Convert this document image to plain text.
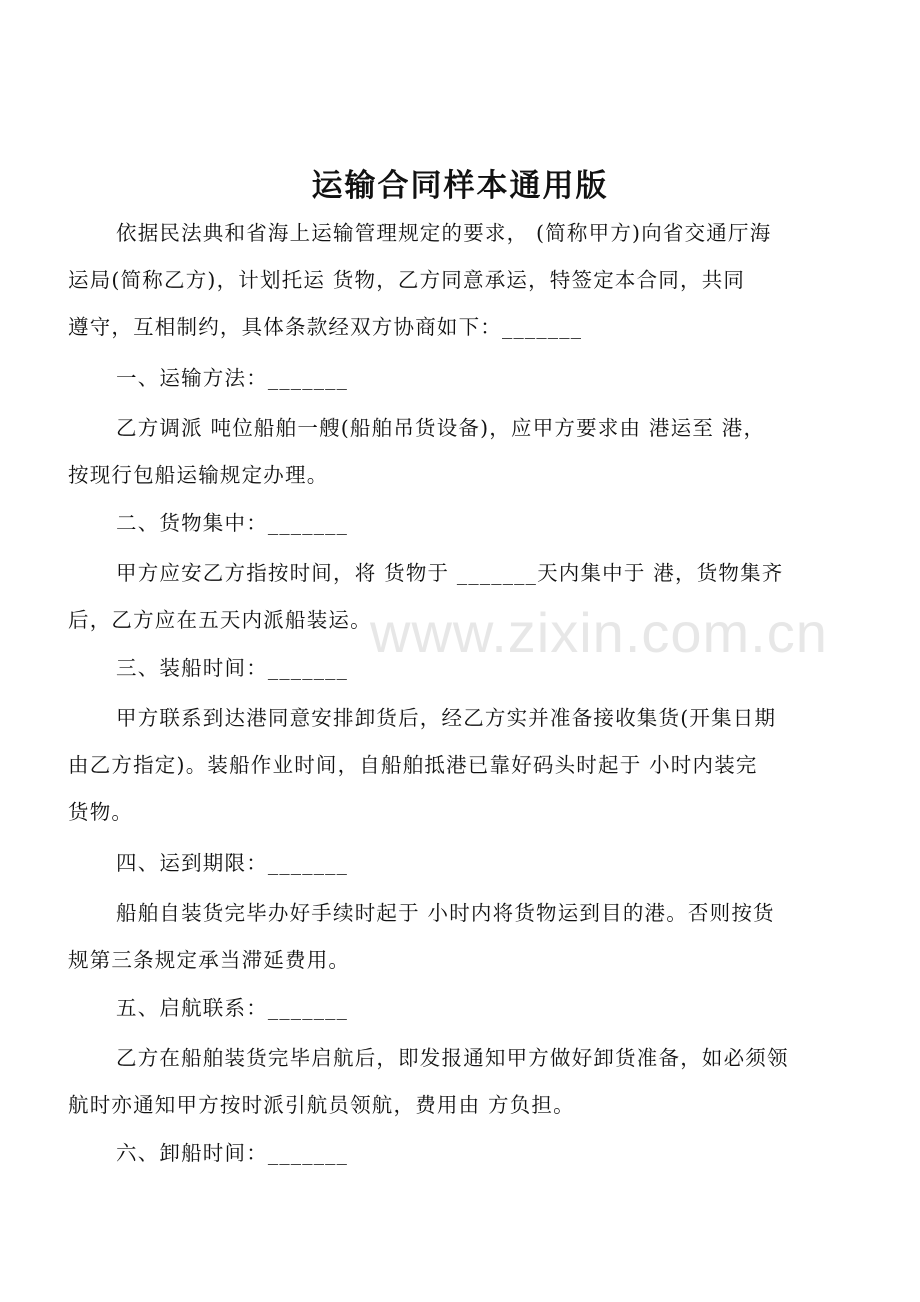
www.zixin.com.cn
运输合同样本通用版
依据民法典和省海上运输管理规定的要求， (简称甲方)向省交通厅海
运局(简称乙方)，计划托运 货物，乙方同意承运，特签定本合同，共同
遵守，互相制约，具体条款经双方协商如下：_______
一、运输方法：_______
乙方调派 吨位船舶一艘(船舶吊货设备)，应甲方要求由 港运至 港，
按现行包船运输规定办理。
二、货物集中：_______
甲方应安乙方指按时间，将 货物于 _______天内集中于 港，货物集齐
后，乙方应在五天内派船装运。
三、装船时间：_______
甲方联系到达港同意安排卸货后，经乙方实并准备接收集货(开集日期
由乙方指定)。装船作业时间，自船舶抵港已靠好码头时起于 小时内装完
货物。
四、运到期限：_______
船舶自装货完毕办好手续时起于 小时内将货物运到目的港。否则按货
规第三条规定承当滞延费用。
五、启航联系：_______
乙方在船舶装货完毕启航后，即发报通知甲方做好卸货准备，如必须领
航时亦通知甲方按时派引航员领航，费用由 方负担。
六、卸船时间：_______
